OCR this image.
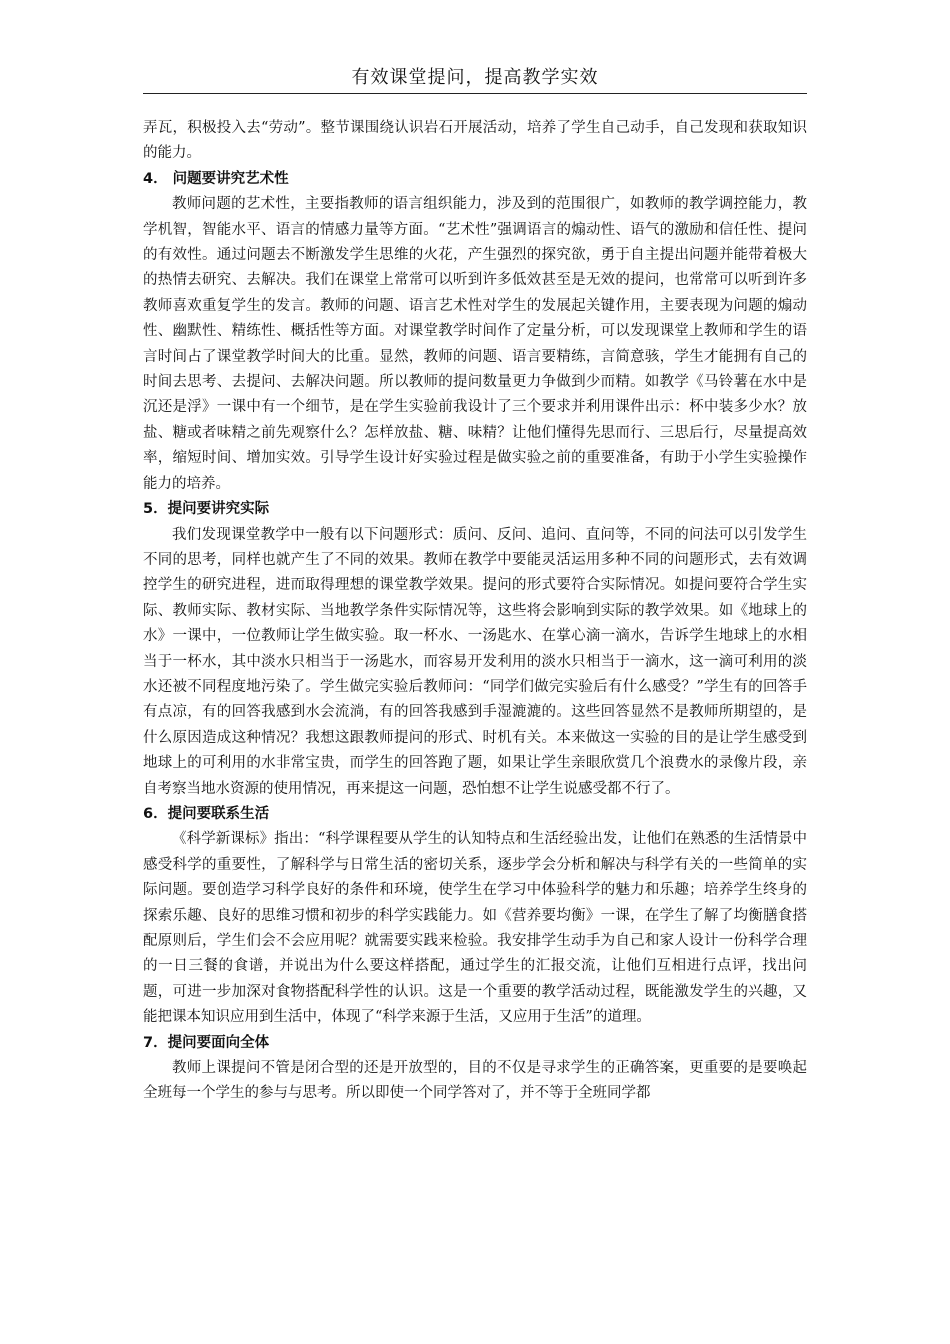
有效课堂提问，提高教学实效

弄瓦，积极投入去“劳动”。整节课围绕认识岩石开展活动，培养了学生自己动手，自己发现和获取知识的能力。

4． 问题要讲究艺术性

教师问题的艺术性，主要指教师的语言组织能力，涉及到的范围很广，如教师的教学调控能力，教学机智，智能水平、语言的情感力量等方面。“艺术性”强调语言的煽动性、语气的激励和信任性、提问的有效性。通过问题去不断激发学生思维的火花，产生强烈的探究欲，勇于自主提出问题并能带着极大的热情去研究、去解决。我们在课堂上常常可以听到许多低效甚至是无效的提问，也常常可以听到许多教师喜欢重复学生的发言。教师的问题、语言艺术性对学生的发展起关键作用，主要表现为问题的煽动性、幽默性、精练性、概括性等方面。对课堂教学时间作了定量分析，可以发现课堂上教师和学生的语言时间占了课堂教学时间大的比重。显然，教师的问题、语言要精练，言简意骇，学生才能拥有自己的时间去思考、去提问、去解决问题。所以教师的提问数量更力争做到少而精。如教学《马铃薯在水中是沉还是浮》一课中有一个细节，是在学生实验前我设计了三个要求并利用课件出示：杯中装多少水？放盐、糖或者味精之前先观察什么？怎样放盐、糖、味精？让他们懂得先思而行、三思后行，尽量提高效率，缩短时间、增加实效。引导学生设计好实验过程是做实验之前的重要准备，有助于小学生实验操作能力的培养。

5．提问要讲究实际

我们发现课堂教学中一般有以下问题形式：质问、反问、追问、直问等，不同的问法可以引发学生不同的思考，同样也就产生了不同的效果。教师在教学中要能灵活运用多种不同的问题形式，去有效调控学生的研究进程，进而取得理想的课堂教学效果。提问的形式要符合实际情况。如提问要符合学生实际、教师实际、教材实际、当地教学条件实际情况等，这些将会影响到实际的教学效果。如《地球上的水》一课中，一位教师让学生做实验。取一杯水、一汤匙水、在掌心滴一滴水，告诉学生地球上的水相当于一杯水，其中淡水只相当于一汤匙水，而容易开发利用的淡水只相当于一滴水，这一滴可利用的淡水还被不同程度地污染了。学生做完实验后教师问：“同学们做完实验后有什么感受？”学生有的回答手有点凉，有的回答我感到水会流淌，有的回答我感到手湿漉漉的。这些回答显然不是教师所期望的，是什么原因造成这种情况？我想这跟教师提问的形式、时机有关。本来做这一实验的目的是让学生感受到地球上的可利用的水非常宝贵，而学生的回答跑了题，如果让学生亲眼欣赏几个浪费水的录像片段，亲自考察当地水资源的使用情况，再来提这一问题，恐怕想不让学生说感受都不行了。

6．提问要联系生活

《科学新课标》指出：“科学课程要从学生的认知特点和生活经验出发，让他们在熟悉的生活情景中感受科学的重要性，了解科学与日常生活的密切关系，逐步学会分析和解决与科学有关的一些简单的实际问题。要创造学习科学良好的条件和环境，使学生在学习中体验科学的魅力和乐趣；培养学生终身的探索乐趣、良好的思维习惯和初步的科学实践能力。如《营养要均衡》一课，在学生了解了均衡膳食搭配原则后，学生们会不会应用呢？就需要实践来检验。我安排学生动手为自己和家人设计一份科学合理的一日三餐的食谱，并说出为什么要这样搭配，通过学生的汇报交流，让他们互相进行点评，找出问题，可进一步加深对食物搭配科学性的认识。这是一个重要的教学活动过程，既能激发学生的兴趣，又能把课本知识应用到生活中，体现了“科学来源于生活，又应用于生活”的道理。

7．提问要面向全体

教师上课提问不管是闭合型的还是开放型的，目的不仅是寻求学生的正确答案，更重要的是要唤起全班每一个学生的参与与思考。所以即使一个同学答对了，并不等于全班同学都
